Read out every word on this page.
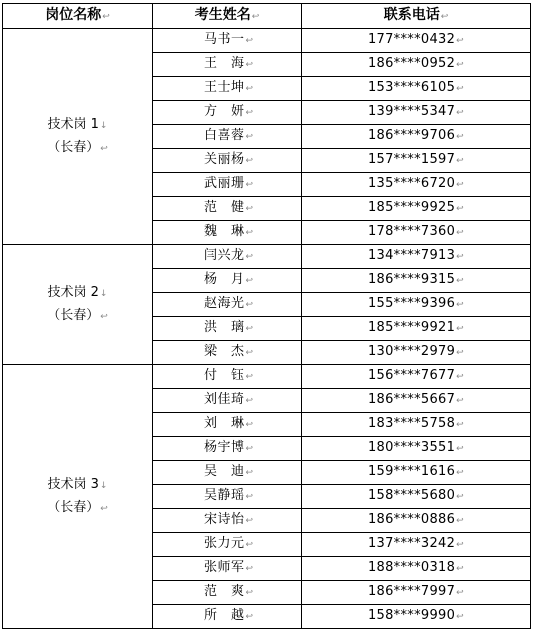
岗位名称↩	考生姓名↩	联系电话↩
技术岗 1↓
（长春）↩	马书一↩	177****0432↩
	王　海↩	186****0952↩
	王士坤↩	153****6105↩
	方　妍↩	139****5347↩
	白喜蓉↩	186****9706↩
	关丽杨↩	157****1597↩
	武丽珊↩	135****6720↩
	范　健↩	185****9925↩
	魏　琳↩	178****7360↩
技术岗 2↓
（长春）↩	闫兴龙↩	134****7913↩
	杨　月↩	186****9315↩
	赵海光↩	155****9396↩
	洪　璃↩	185****9921↩
	梁　杰↩	130****2979↩
技术岗 3↓
（长春）↩	付　钰↩	156****7677↩
	刘佳琦↩	186****5667↩
	刘　琳↩	183****5758↩
	杨宇博↩	180****3551↩
	吴　迪↩	159****1616↩
	吴静瑶↩	158****5680↩
	宋诗怡↩	186****0886↩
	张力元↩	137****3242↩
	张师军↩	188****0318↩
	范　爽↩	186****7997↩
	所　越↩	158****9990↩
